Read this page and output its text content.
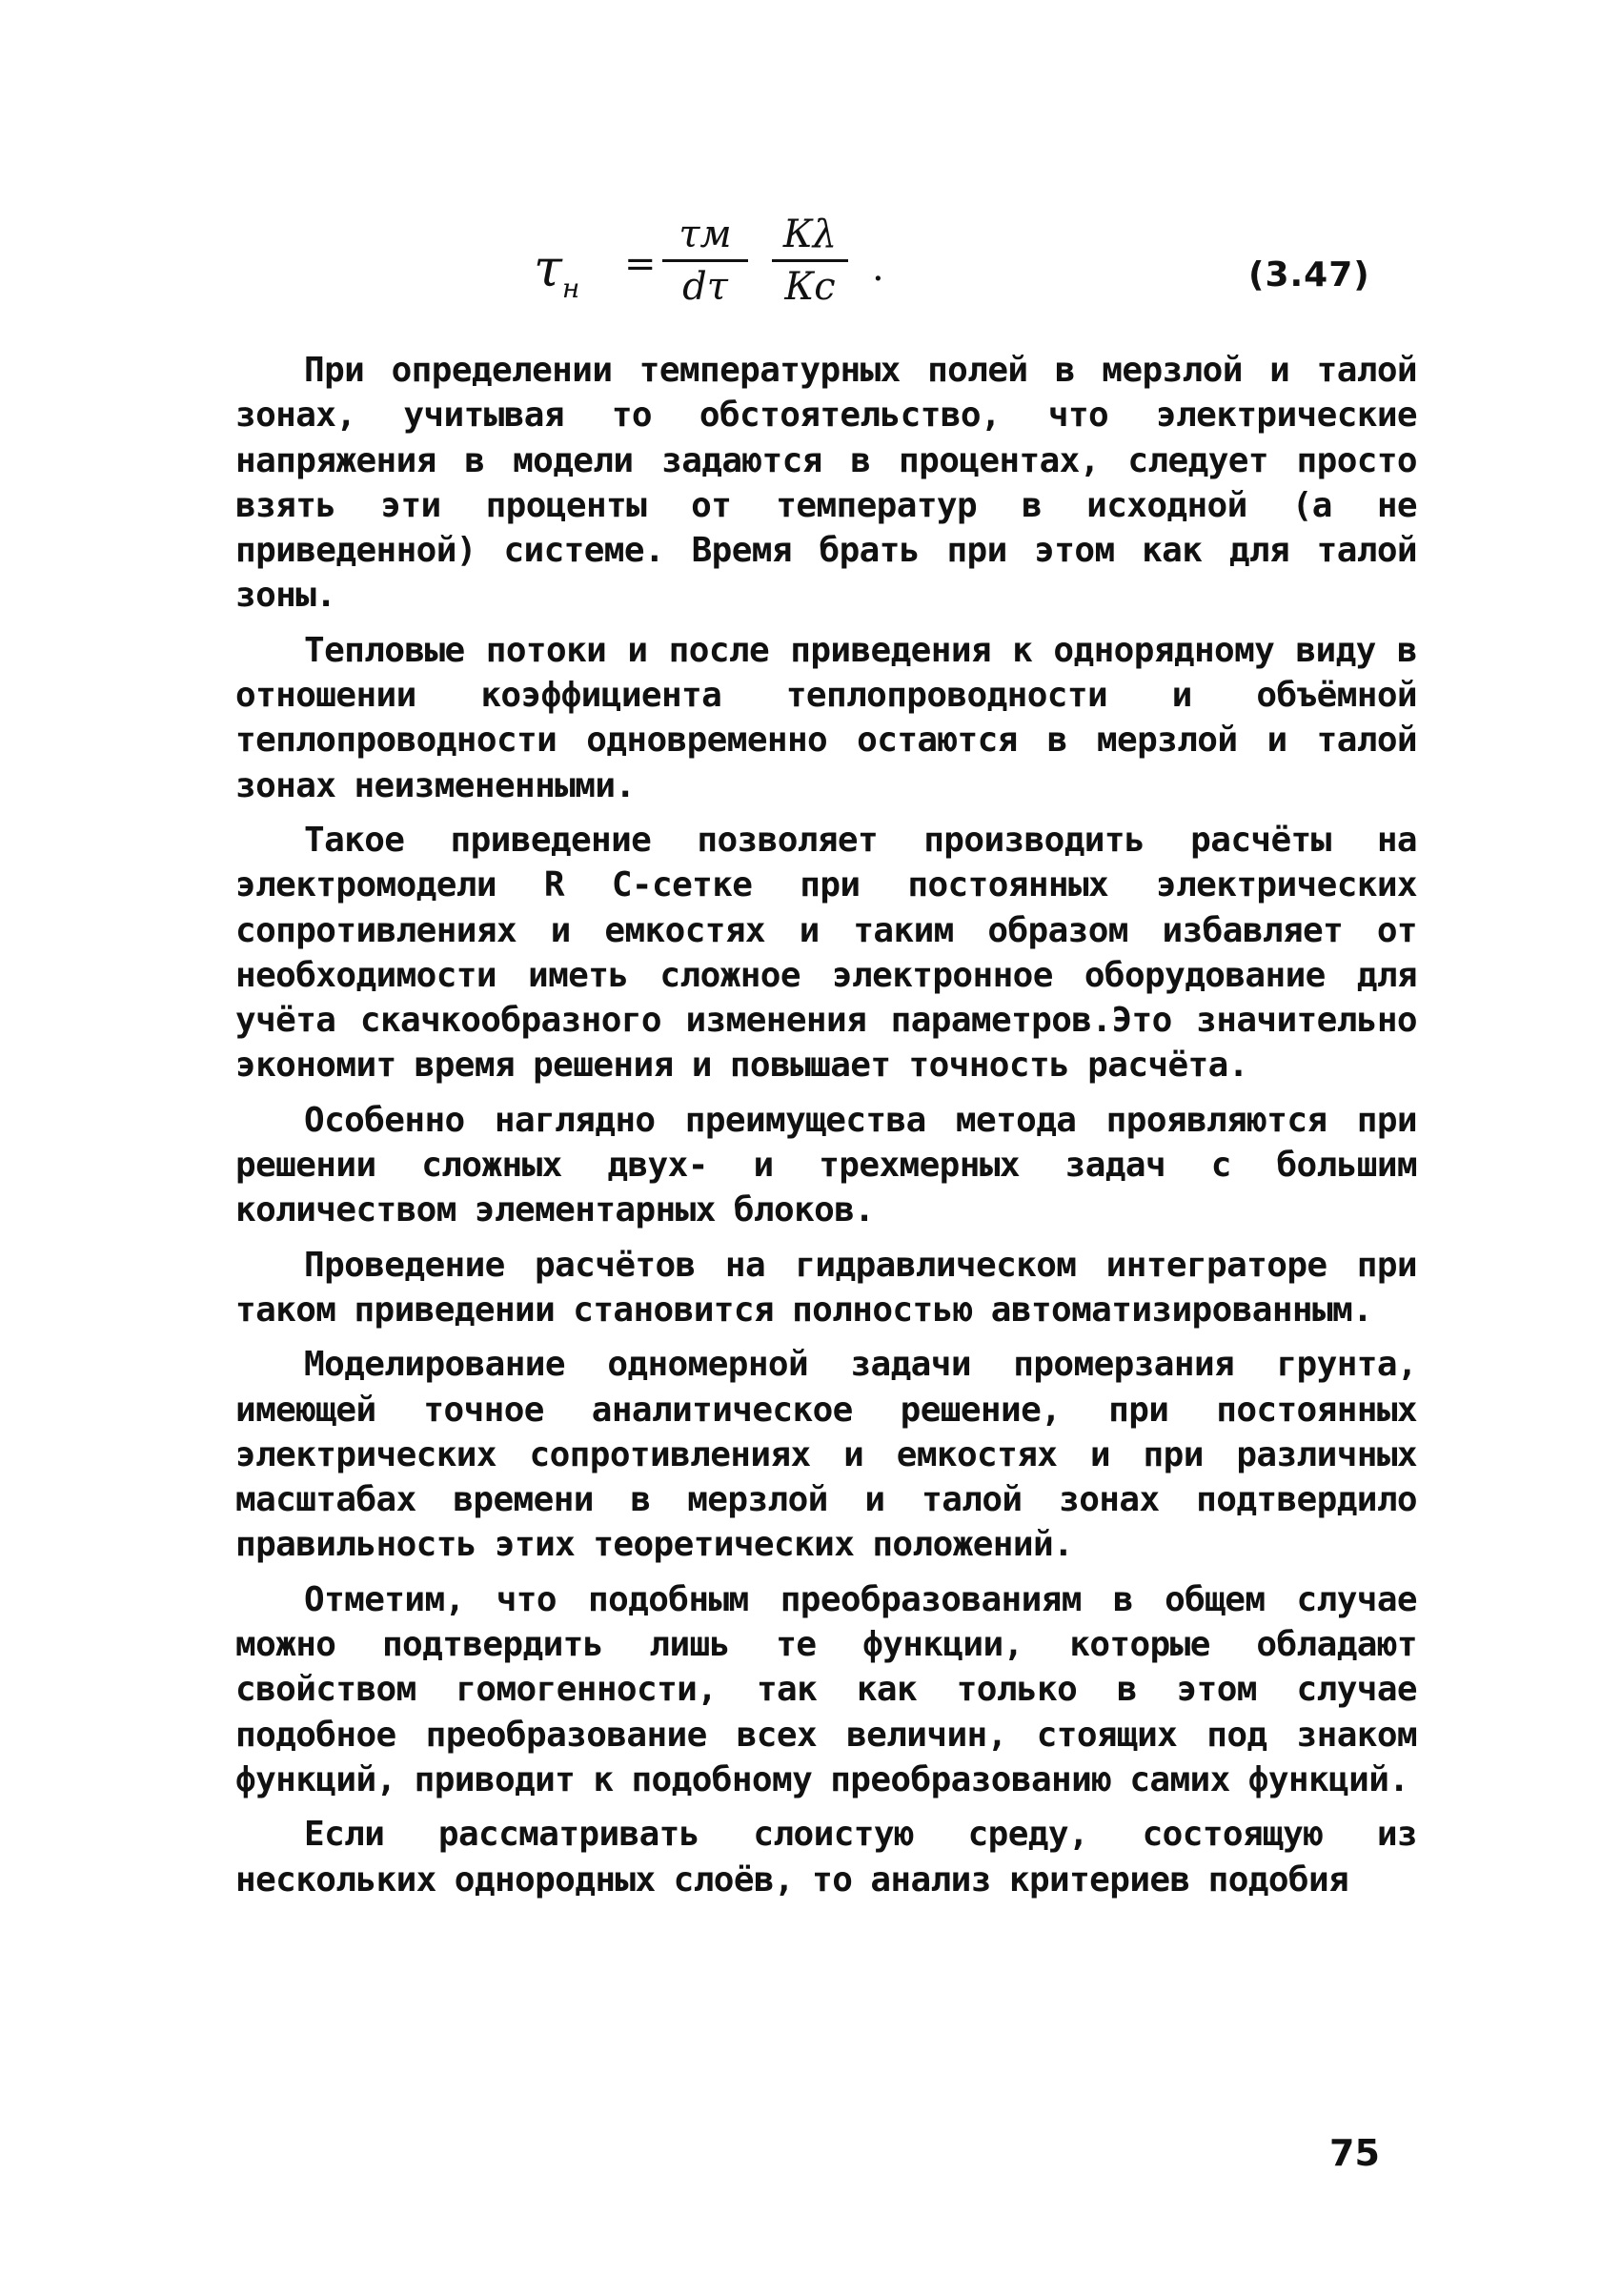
$\tau_н$
=
τм
dτ
Кλ
Кс .	(3.47)

При определении температурных полей в мерзлой и талой зонах, учитывая то обстоятельство, что электрические напряжения в модели задаются в процентах, следует просто взять эти проценты от температур в исходной (а не приведенной) системе. Время брать при этом как для талой зоны.

Тепловые потоки и после приведения к однорядному виду в отношении коэффициента теплопроводности и объёмной теплопроводности одновременно остаются в мерзлой и талой зонах неизмененными.

Такое приведение позволяет производить расчёты на электромодели R С-сетке при постоянных электрических сопротивлениях и емкостях и таким образом избавляет от необходимости иметь сложное электронное оборудование для учёта скачкообразного изменения параметров.Это значительно экономит время решения и повышает точность расчёта.

Особенно наглядно преимущества метода проявляются при решении сложных двух- и трехмерных задач с большим количеством элементарных блоков.

Проведение расчётов на гидравлическом интеграторе при таком приведении становится полностью автоматизированным.

Моделирование одномерной задачи промерзания грунта, имеющей точное аналитическое решение, при постоянных электрических сопротивлениях и емкостях и при различных масштабах времени в мерзлой и талой зонах подтвердило правильность этих теоретических положений.

Отметим, что подобным преобразованиям в общем случае можно подтвердить лишь те функции, которые обладают свойством гомогенности, так как только в этом случае подобное преобразование всех величин, стоящих под знаком функций, приводит к подобному преобразованию самих функций.

Если рассматривать слоистую среду, состоящую из нескольких однородных слоёв, то анализ критериев подобия

75
